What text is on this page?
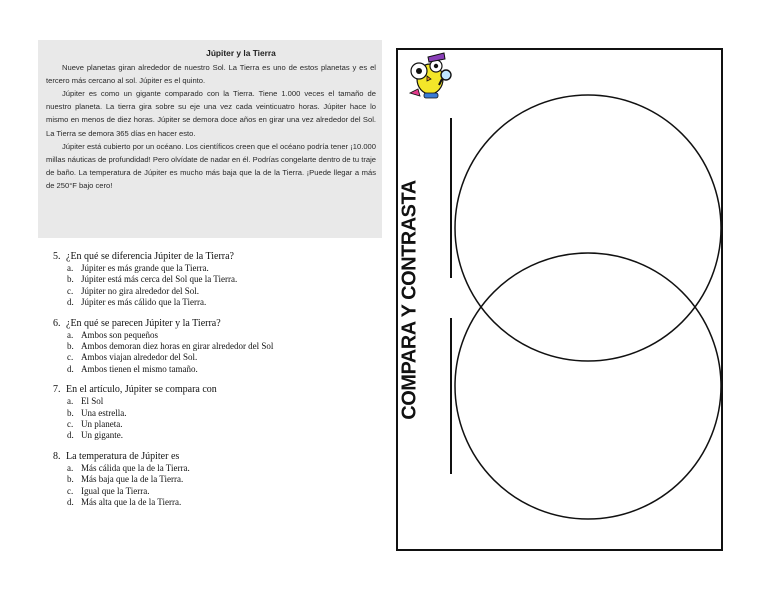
Júpiter y la Tierra

Nueve planetas giran alrededor de nuestro Sol. La Tierra es uno de estos planetas y es el tercero más cercano al sol. Júpiter es el quinto.

Júpiter es como un gigante comparado con la Tierra. Tiene 1.000 veces el tamaño de nuestro planeta. La tierra gira sobre su eje una vez cada veinticuatro horas. Júpiter hace lo mismo en menos de diez horas. Júpiter se demora doce años en girar una vez alrededor del Sol. La Tierra se demora 365 días en hacer esto.

Júpiter está cubierto por un océano. Los científicos creen que el océano podría tener ¡10.000 millas náuticas de profundidad! Pero olvídate de nadar en él. Podrías congelarte dentro de tu traje de baño. La temperatura de Júpiter es mucho más baja que la de la Tierra. ¡Puede llegar a más de 250°F bajo cero!

5. ¿En qué se diferencia Júpiter de la Tierra?
a. Júpiter es más grande que la Tierra.
b. Júpiter está más cerca del Sol que la Tierra.
c. Júpiter no gira alrededor del Sol.
d. Júpiter es más cálido que la Tierra.
6. ¿En qué se parecen Júpiter y la Tierra?
a. Ambos son pequeños
b. Ambos demoran diez horas en girar alrededor del Sol
c. Ambos viajan alrededor del Sol.
d. Ambos tienen el mismo tamaño.
7. En el artículo, Júpiter se compara con
a. El Sol
b. Una estrella.
c. Un planeta.
d. Un gigante.
8. La temperatura de Júpiter es
a. Más cálida que la de la Tierra.
b. Más baja que la de la Tierra.
c. Igual que la Tierra.
d. Más alta que la de la Tierra.
COMPARA Y CONTRASTA
